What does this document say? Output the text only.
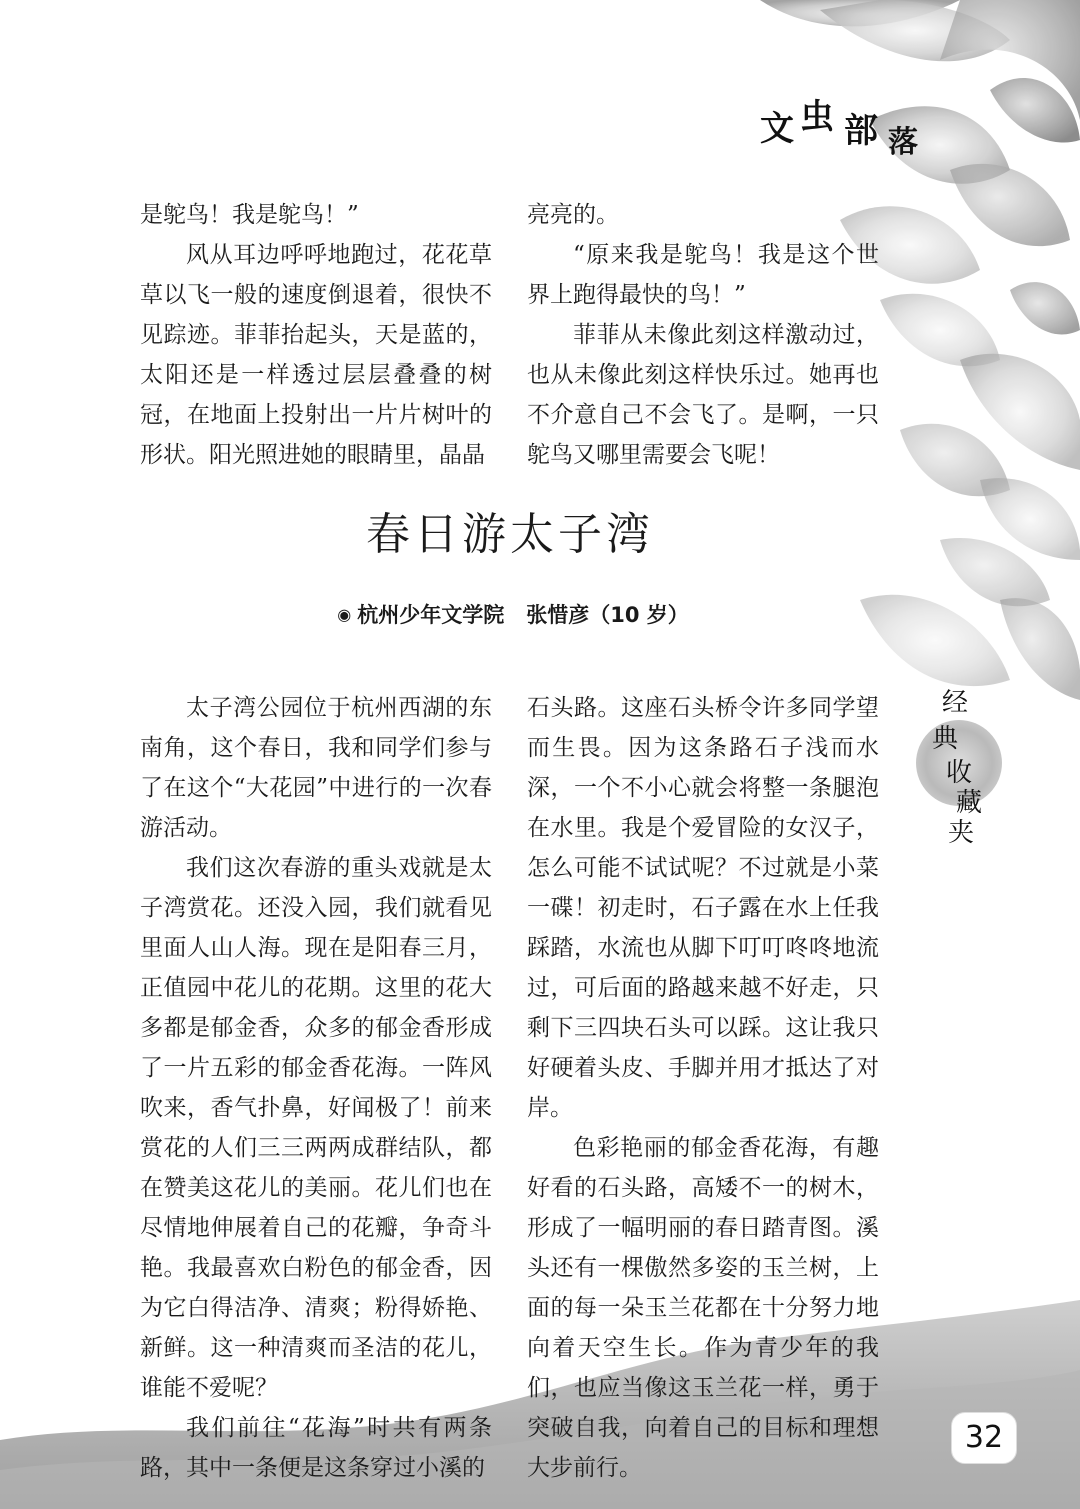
文 虫 部 落

是鸵鸟！我是鸵鸟！”

风从耳边呼呼地跑过，花花草草以飞一般的速度倒退着，很快不见踪迹。菲菲抬起头，天是蓝的，太阳还是一样透过层层叠叠的树冠，在地面上投射出一片片树叶的形状。阳光照进她的眼睛里，晶晶

亮亮的。

“原来我是鸵鸟！我是这个世界上跑得最快的鸟！”

菲菲从未像此刻这样激动过，也从未像此刻这样快乐过。她再也不介意自己不会飞了。是啊，一只鸵鸟又哪里需要会飞呢！

春日游太子湾
◉ 杭州少年文学院 张惜彦（10 岁）

太子湾公园位于杭州西湖的东南角，这个春日，我和同学们参与了在这个“大花园”中进行的一次春游活动。

我们这次春游的重头戏就是太子湾赏花。还没入园，我们就看见里面人山人海。现在是阳春三月，正值园中花儿的花期。这里的花大多都是郁金香，众多的郁金香形成了一片五彩的郁金香花海。一阵风吹来，香气扑鼻，好闻极了！前来赏花的人们三三两两成群结队，都在赞美这花儿的美丽。花儿们也在尽情地伸展着自己的花瓣，争奇斗艳。我最喜欢白粉色的郁金香，因为它白得洁净、清爽；粉得娇艳、新鲜。这一种清爽而圣洁的花儿，谁能不爱呢？

我们前往“花海”时共有两条路，其中一条便是这条穿过小溪的

石头路。这座石头桥令许多同学望而生畏。因为这条路石子浅而水深，一个不小心就会将整一条腿泡在水里。我是个爱冒险的女汉子，怎么可能不试试呢？不过就是小菜一碟！初走时，石子露在水上任我踩踏，水流也从脚下叮叮咚咚地流过，可后面的路越来越不好走，只剩下三四块石头可以踩。这让我只好硬着头皮、手脚并用才抵达了对岸。

色彩艳丽的郁金香花海，有趣好看的石头路，高矮不一的树木，形成了一幅明丽的春日踏青图。溪头还有一棵傲然多姿的玉兰树，上面的每一朵玉兰花都在十分努力地向着天空生长。作为青少年的我们，也应当像这玉兰花一样，勇于突破自我，向着自己的目标和理想大步前行。

经
典
收
藏
夹
32
